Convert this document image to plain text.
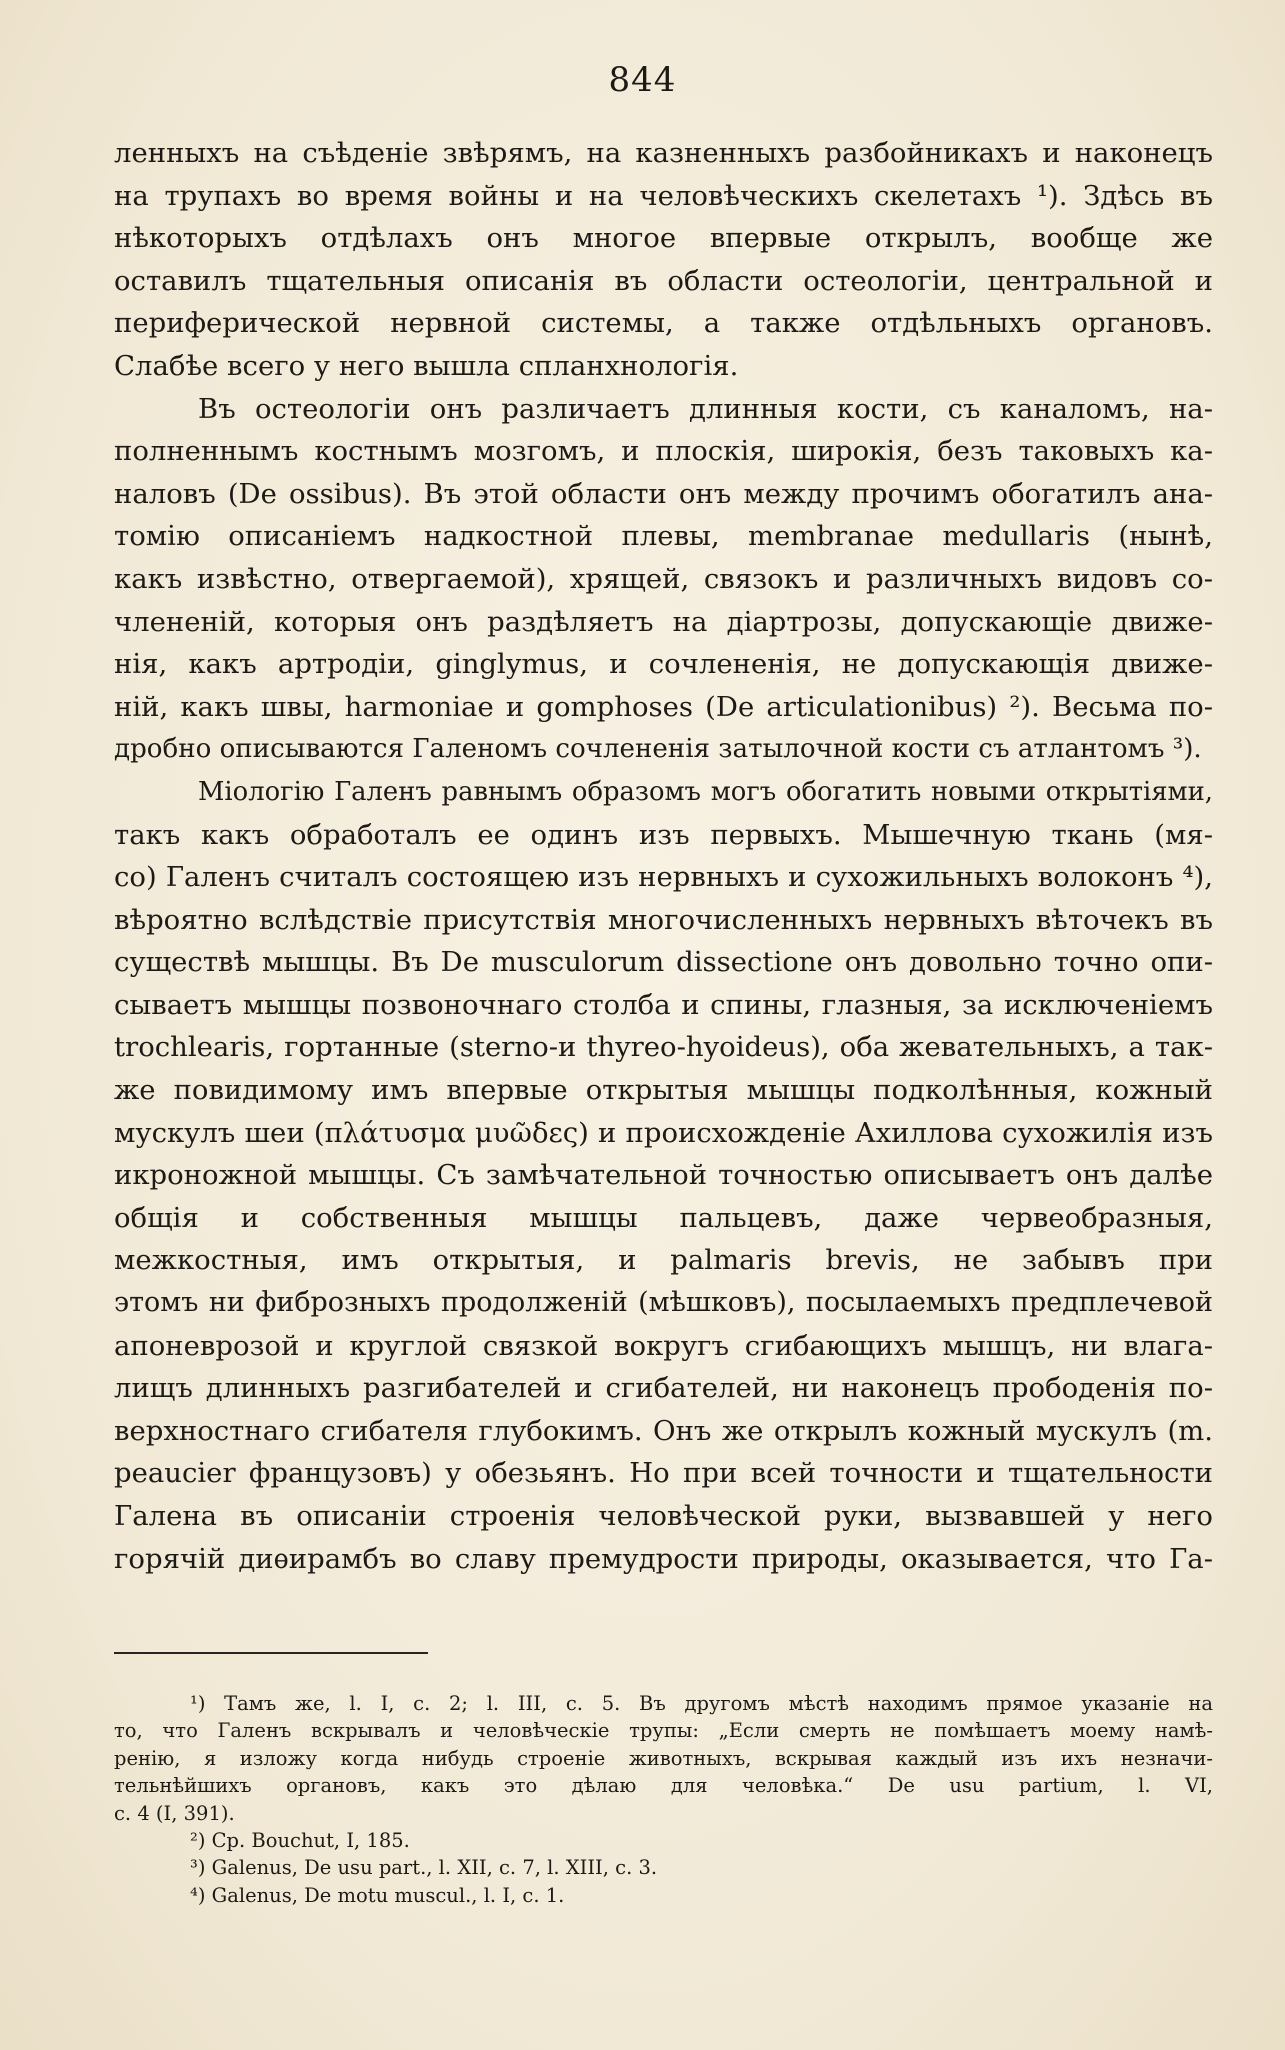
844
ленныхъ на съѣденіе звѣрямъ, на казненныхъ разбойникахъ и наконецъ
на трупахъ во время войны и на человѣческихъ скелетахъ ¹). Здѣсь въ
нѣкоторыхъ отдѣлахъ онъ многое впервые открылъ, вообще же
оставилъ тщательныя описанія въ области остеологіи, центральной и
периферической нервной системы, а также отдѣльныхъ органовъ.
Слабѣе всего у него вышла спланхнологія.
Въ остеологіи онъ различаетъ длинныя кости, съ каналомъ, на-
полненнымъ костнымъ мозгомъ, и плоскія, широкія, безъ таковыхъ ка-
наловъ (De ossibus). Въ этой области онъ между прочимъ обогатилъ ана-
томію описаніемъ надкостной плевы, membranae medullaris (нынѣ,
какъ извѣстно, отвергаемой), хрящей, связокъ и различныхъ видовъ со-
члененій, которыя онъ раздѣляетъ на діартрозы, допускающіе движе-
нія, какъ артродіи, ginglymus, и сочлененія, не допускающія движе-
ній, какъ швы, harmoniae и gomphoses (De articulationibus) ²). Весьма по-
дробно описываются Галеномъ сочлененія затылочной кости съ атлантомъ ³).
Міологію Галенъ равнымъ образомъ могъ обогатить новыми открытіями,
такъ какъ обработалъ ее одинъ изъ первыхъ. Мышечную ткань (мя-
со) Галенъ считалъ состоящею изъ нервныхъ и сухожильныхъ волоконъ ⁴),
вѣроятно вслѣдствіе присутствія многочисленныхъ нервныхъ вѣточекъ въ
существѣ мышцы. Въ De musculorum dissectione онъ довольно точно опи-
сываетъ мышцы позвоночнаго столба и спины, глазныя, за исключеніемъ
trochlearis, гортанные (sterno-и thyreo-hyoideus), оба жевательныхъ, а так-
же повидимому имъ впервые открытыя мышцы подколѣнныя, кожный
мускулъ шеи (πλάτυσμα μυῶδες) и происхожденіе Ахиллова сухожилія изъ
икроножной мышцы. Съ замѣчательной точностью описываетъ онъ далѣе
общія и собственныя мышцы пальцевъ, даже червеобразныя,
межкостныя, имъ открытыя, и palmaris brevis, не забывъ при
этомъ ни фиброзныхъ продолженій (мѣшковъ), посылаемыхъ предплечевой
апоневрозой и круглой связкой вокругъ сгибающихъ мышцъ, ни влага-
лищъ длинныхъ разгибателей и сгибателей, ни наконецъ прободенія по-
верхностнаго сгибателя глубокимъ. Онъ же открылъ кожный мускулъ (m.
peaucier французовъ) у обезьянъ. Но при всей точности и тщательности
Галена въ описаніи строенія человѣческой руки, вызвавшей у него
горячій диѳирамбъ во славу премудрости природы, оказывается, что Га-
¹) Тамъ же, l. I, c. 2; l. III, c. 5. Въ другомъ мѣстѣ находимъ прямое указаніе на
то, что Галенъ вскрывалъ и человѣческіе трупы: „Если смерть не помѣшаетъ моему намѣ-
ренію, я изложу когда нибудь строеніе животныхъ, вскрывая каждый изъ ихъ незначи-
тельнѣйшихъ органовъ, какъ это дѣлаю для человѣка.“ De usu partium, l. VI,
c. 4 (I, 391).
²) Ср. Bouchut, I, 185.
³) Galenus, De usu part., l. XII, c. 7, l. XIII, c. 3.
⁴) Galenus, De motu muscul., l. I, c. 1.
